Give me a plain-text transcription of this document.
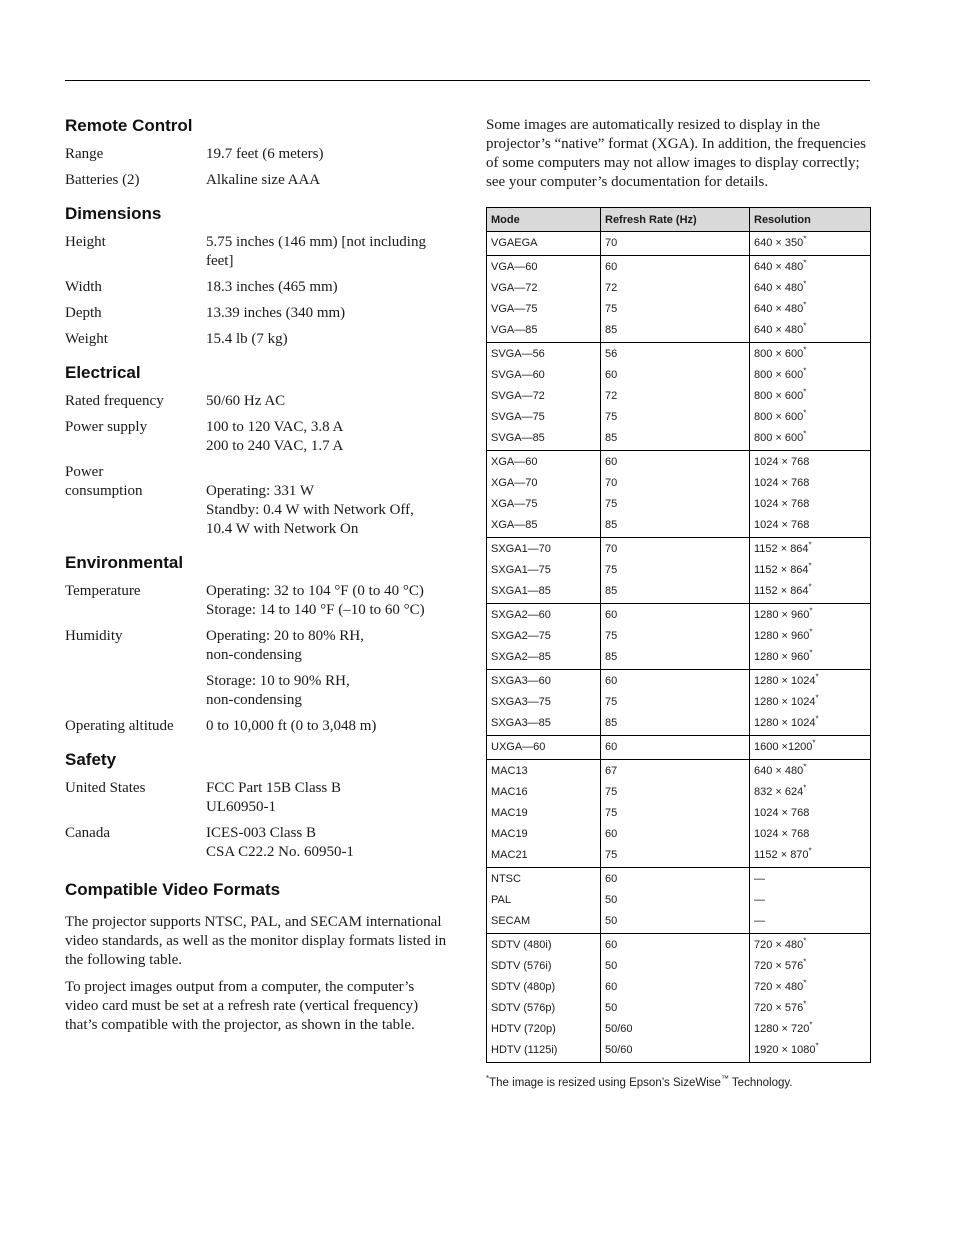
Remote Control
Range	19.7 feet (6 meters)
Batteries (2)	Alkaline size AAA
Dimensions
Height	5.75 inches (146 mm) [not including
feet]
Width	18.3 inches (465 mm)
Depth	13.39 inches (340 mm)
Weight	15.4 lb (7 kg)
Electrical
Rated frequency	50/60 Hz AC
Power supply	100 to 120 VAC, 3.8 A
200 to 240 VAC, 1.7 A
Power
consumption	Operating: 331 W
Standby: 0.4 W with Network Off,
10.4 W with Network On
Environmental
Temperature	Operating: 32 to 104 °F (0 to 40 °C)
Storage: 14 to 140 °F (–10 to 60 °C)
Humidity	Operating: 20 to 80% RH,
non-condensing
Storage: 10 to 90% RH,
non-condensing
Operating altitude	0 to 10,000 ft (0 to 3,048 m)
Safety
United States	FCC Part 15B Class B
UL60950-1
Canada	ICES-003 Class B
CSA C22.2 No. 60950-1
Compatible Video Formats

The projector supports NTSC, PAL, and SECAM international video standards, as well as the monitor display formats listed in the following table.

To project images output from a computer, the computer’s video card must be set at a refresh rate (vertical frequency) that’s compatible with the projector, as shown in the table.

Some images are automatically resized to display in the projector’s “native” format (XGA). In addition, the frequencies of some computers may not allow images to display correctly; see your computer’s documentation for details.

Mode	Refresh Rate (Hz)	Resolution
VGAEGA	70	640 × 350*
VGA—60	60	640 × 480*
VGA—72	72	640 × 480*
VGA—75	75	640 × 480*
VGA—85	85	640 × 480*
SVGA—56	56	800 × 600*
SVGA—60	60	800 × 600*
SVGA—72	72	800 × 600*
SVGA—75	75	800 × 600*
SVGA—85	85	800 × 600*
XGA—60	60	1024 × 768
XGA—70	70	1024 × 768
XGA—75	75	1024 × 768
XGA—85	85	1024 × 768
SXGA1—70	70	1152 × 864*
SXGA1—75	75	1152 × 864*
SXGA1—85	85	1152 × 864*
SXGA2—60	60	1280 × 960*
SXGA2—75	75	1280 × 960*
SXGA2—85	85	1280 × 960*
SXGA3—60	60	1280 × 1024*
SXGA3—75	75	1280 × 1024*
SXGA3—85	85	1280 × 1024*
UXGA—60	60	1600 ×1200*
MAC13	67	640 × 480*
MAC16	75	832 × 624*
MAC19	75	1024 × 768
MAC19	60	1024 × 768
MAC21	75	1152 × 870*
NTSC	60	—
PAL	50	—
SECAM	50	—
SDTV (480i)	60	720 × 480*
SDTV (576i)	50	720 × 576*
SDTV (480p)	60	720 × 480*
SDTV (576p)	50	720 × 576*
HDTV (720p)	50/60	1280 × 720*
HDTV (1125i)	50/60	1920 × 1080*
*The image is resized using Epson’s SizeWise™ Technology.
